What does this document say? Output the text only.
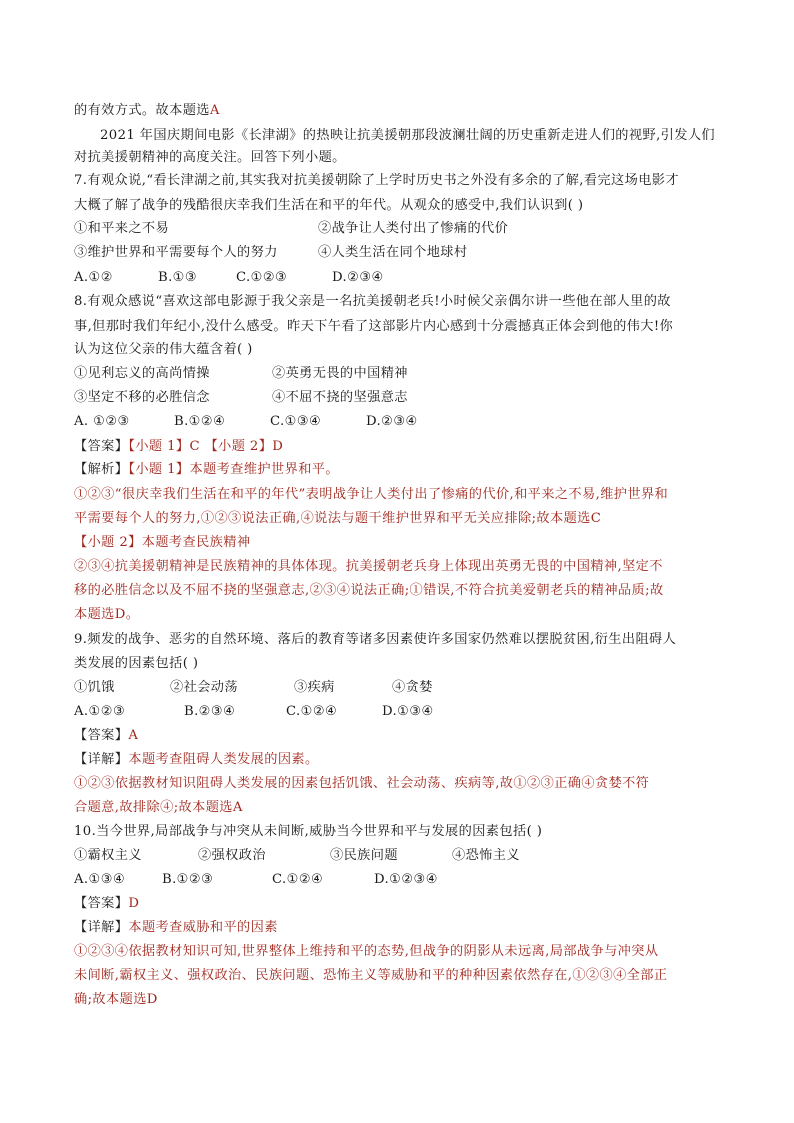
的有效方式。故本题选A
2021 年国庆期间电影《长津湖》的热映让抗美援朝那段波澜壮阔的历史重新走进人们的视野,引发人们
对抗美援朝精神的高度关注。回答下列小题。
7.有观众说,“看长津湖之前,其实我对抗美援朝除了上学时历史书之外没有多余的了解,看完这场电影才
大概了解了战争的残酷很庆幸我们生活在和平的年代。从观众的感受中,我们认识到( )
①和平来之不易	②战争让人类付出了惨痛的代价
③维护世界和平需要每个人的努力	④人类生活在同个地球村
A.①②	B.①③	C.①②③	D.②③④
8.有观众感说“喜欢这部电影源于我父亲是一名抗美援朝老兵!小时候父亲偶尔讲一些他在部人里的故
事,但那时我们年纪小,没什么感受。昨天下午看了这部影片内心感到十分震撼真正体会到他的伟大!你
认为这位父亲的伟大蕴含着( )
①见利忘义的高尚情操	②英勇无畏的中国精神
③坚定不移的必胜信念	④不屈不挠的坚强意志
A. ①②③	B.①②④	C.①③④	D.②③④
【答案】【小题 1】C 【小题 2】D
【解析】【小题 1】本题考查维护世界和平。
①②③“很庆幸我们生活在和平的年代”表明战争让人类付出了惨痛的代价,和平来之不易,维护世界和
平需要每个人的努力,①②③说法正确,④说法与题干维护世界和平无关应排除;故本题选C
【小题 2】本题考查民族精神
②③④抗美援朝精神是民族精神的具体体现。抗美援朝老兵身上体现出英勇无畏的中国精神,坚定不
移的必胜信念以及不屈不挠的坚强意志,②③④说法正确;①错误,不符合抗美爱朝老兵的精神品质;故
本题选D。
9.频发的战争、恶劣的自然环境、落后的教育等诸多因素使许多国家仍然难以摆脱贫困,衍生出阻碍人
类发展的因素包括( )
①饥饿	②社会动荡	③疾病	④贪婪
A.①②③	B.②③④	C.①②④	D.①③④
【答案】A
【详解】本题考查阻碍人类发展的因素。
①②③依据教材知识阻碍人类发展的因素包括饥饿、社会动荡、疾病等,故①②③正确④贪婪不符
合题意,故排除④;故本题选A
10.当今世界,局部战争与冲突从未间断,威胁当今世界和平与发展的因素包括( )
①霸权主义	②强权政治	③民族问题	④恐怖主义
A.①③④	B.①②③	C.①②④	D.①②③④
【答案】D
【详解】本题考查威胁和平的因素
①②③④依据教材知识可知,世界整体上维持和平的态势,但战争的阴影从未远离,局部战争与冲突从
未间断,霸权主义、强权政治、民族问题、恐怖主义等威胁和平的种种因素依然存在,①②③④全部正
确;故本题选D
